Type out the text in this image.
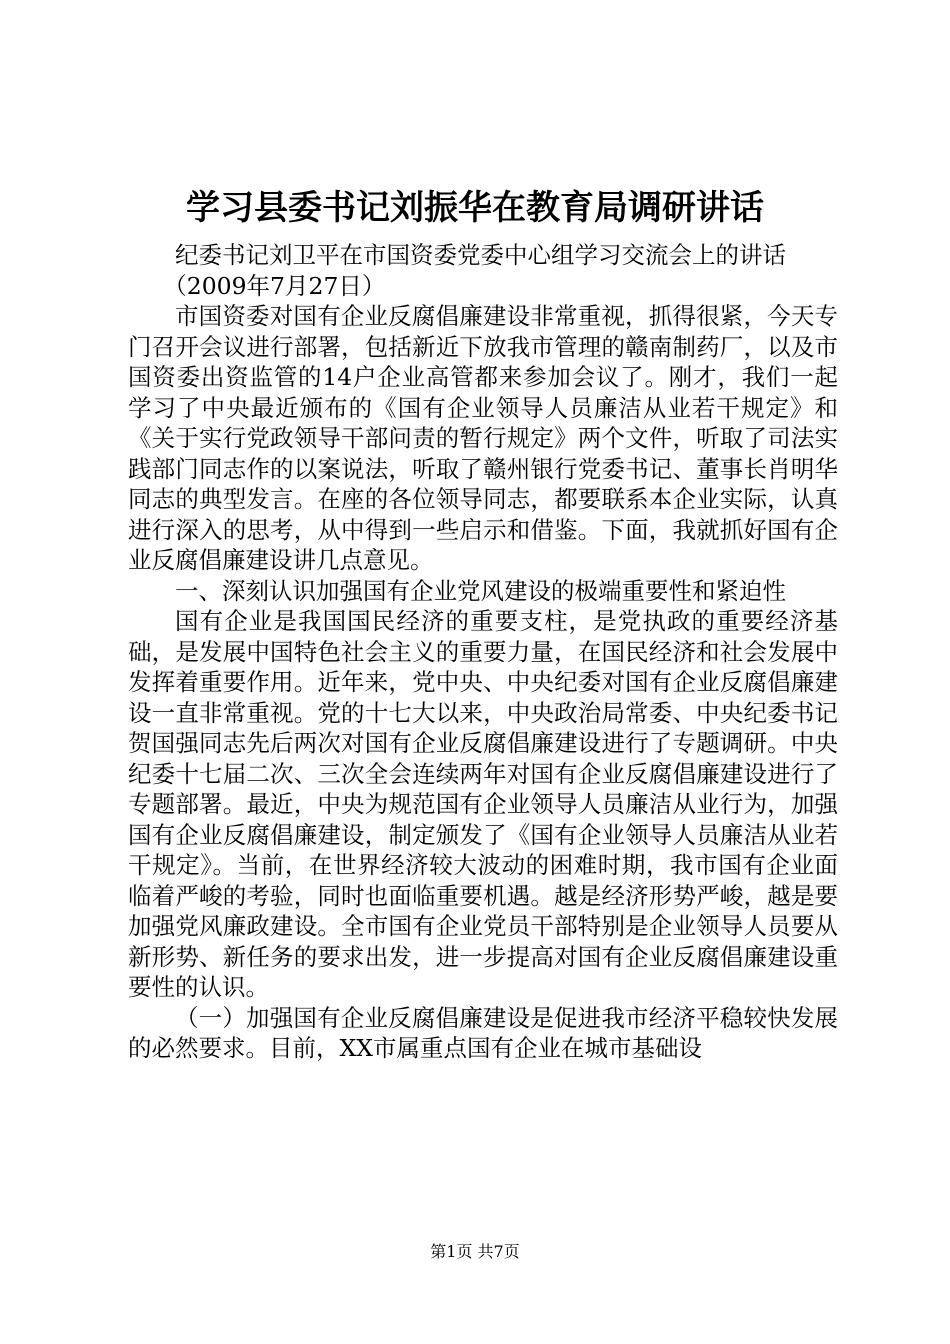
学习县委书记刘振华在教育局调研讲话

纪委书记刘卫平在市国资委党委中心组学习交流会上的讲话

（2009年7月27日）

市国资委对国有企业反腐倡廉建设非常重视，抓得很紧，今天专门召开会议进行部署，包括新近下放我市管理的赣南制药厂，以及市国资委出资监管的14户企业高管都来参加会议了。刚才，我们一起学习了中央最近颁布的《国有企业领导人员廉洁从业若干规定》和《关于实行党政领导干部问责的暂行规定》两个文件，听取了司法实践部门同志作的以案说法，听取了赣州银行党委书记、董事长肖明华同志的典型发言。在座的各位领导同志，都要联系本企业实际，认真进行深入的思考，从中得到一些启示和借鉴。下面，我就抓好国有企业反腐倡廉建设讲几点意见。

一、深刻认识加强国有企业党风建设的极端重要性和紧迫性

国有企业是我国国民经济的重要支柱，是党执政的重要经济基础，是发展中国特色社会主义的重要力量，在国民经济和社会发展中发挥着重要作用。近年来，党中央、中央纪委对国有企业反腐倡廉建设一直非常重视。党的十七大以来，中央政治局常委、中央纪委书记贺国强同志先后两次对国有企业反腐倡廉建设进行了专题调研。中央纪委十七届二次、三次全会连续两年对国有企业反腐倡廉建设进行了专题部署。最近，中央为规范国有企业领导人员廉洁从业行为，加强国有企业反腐倡廉建设，制定颁发了《国有企业领导人员廉洁从业若干规定》。当前，在世界经济较大波动的困难时期，我市国有企业面临着严峻的考验，同时也面临重要机遇。越是经济形势严峻，越是要加强党风廉政建设。全市国有企业党员干部特别是企业领导人员要从新形势、新任务的要求出发，进一步提高对国有企业反腐倡廉建设重要性的认识。

（一）加强国有企业反腐倡廉建设是促进我市经济平稳较快发展的必然要求。目前，XX市属重点国有企业在城市基础设

第1页 共7页
